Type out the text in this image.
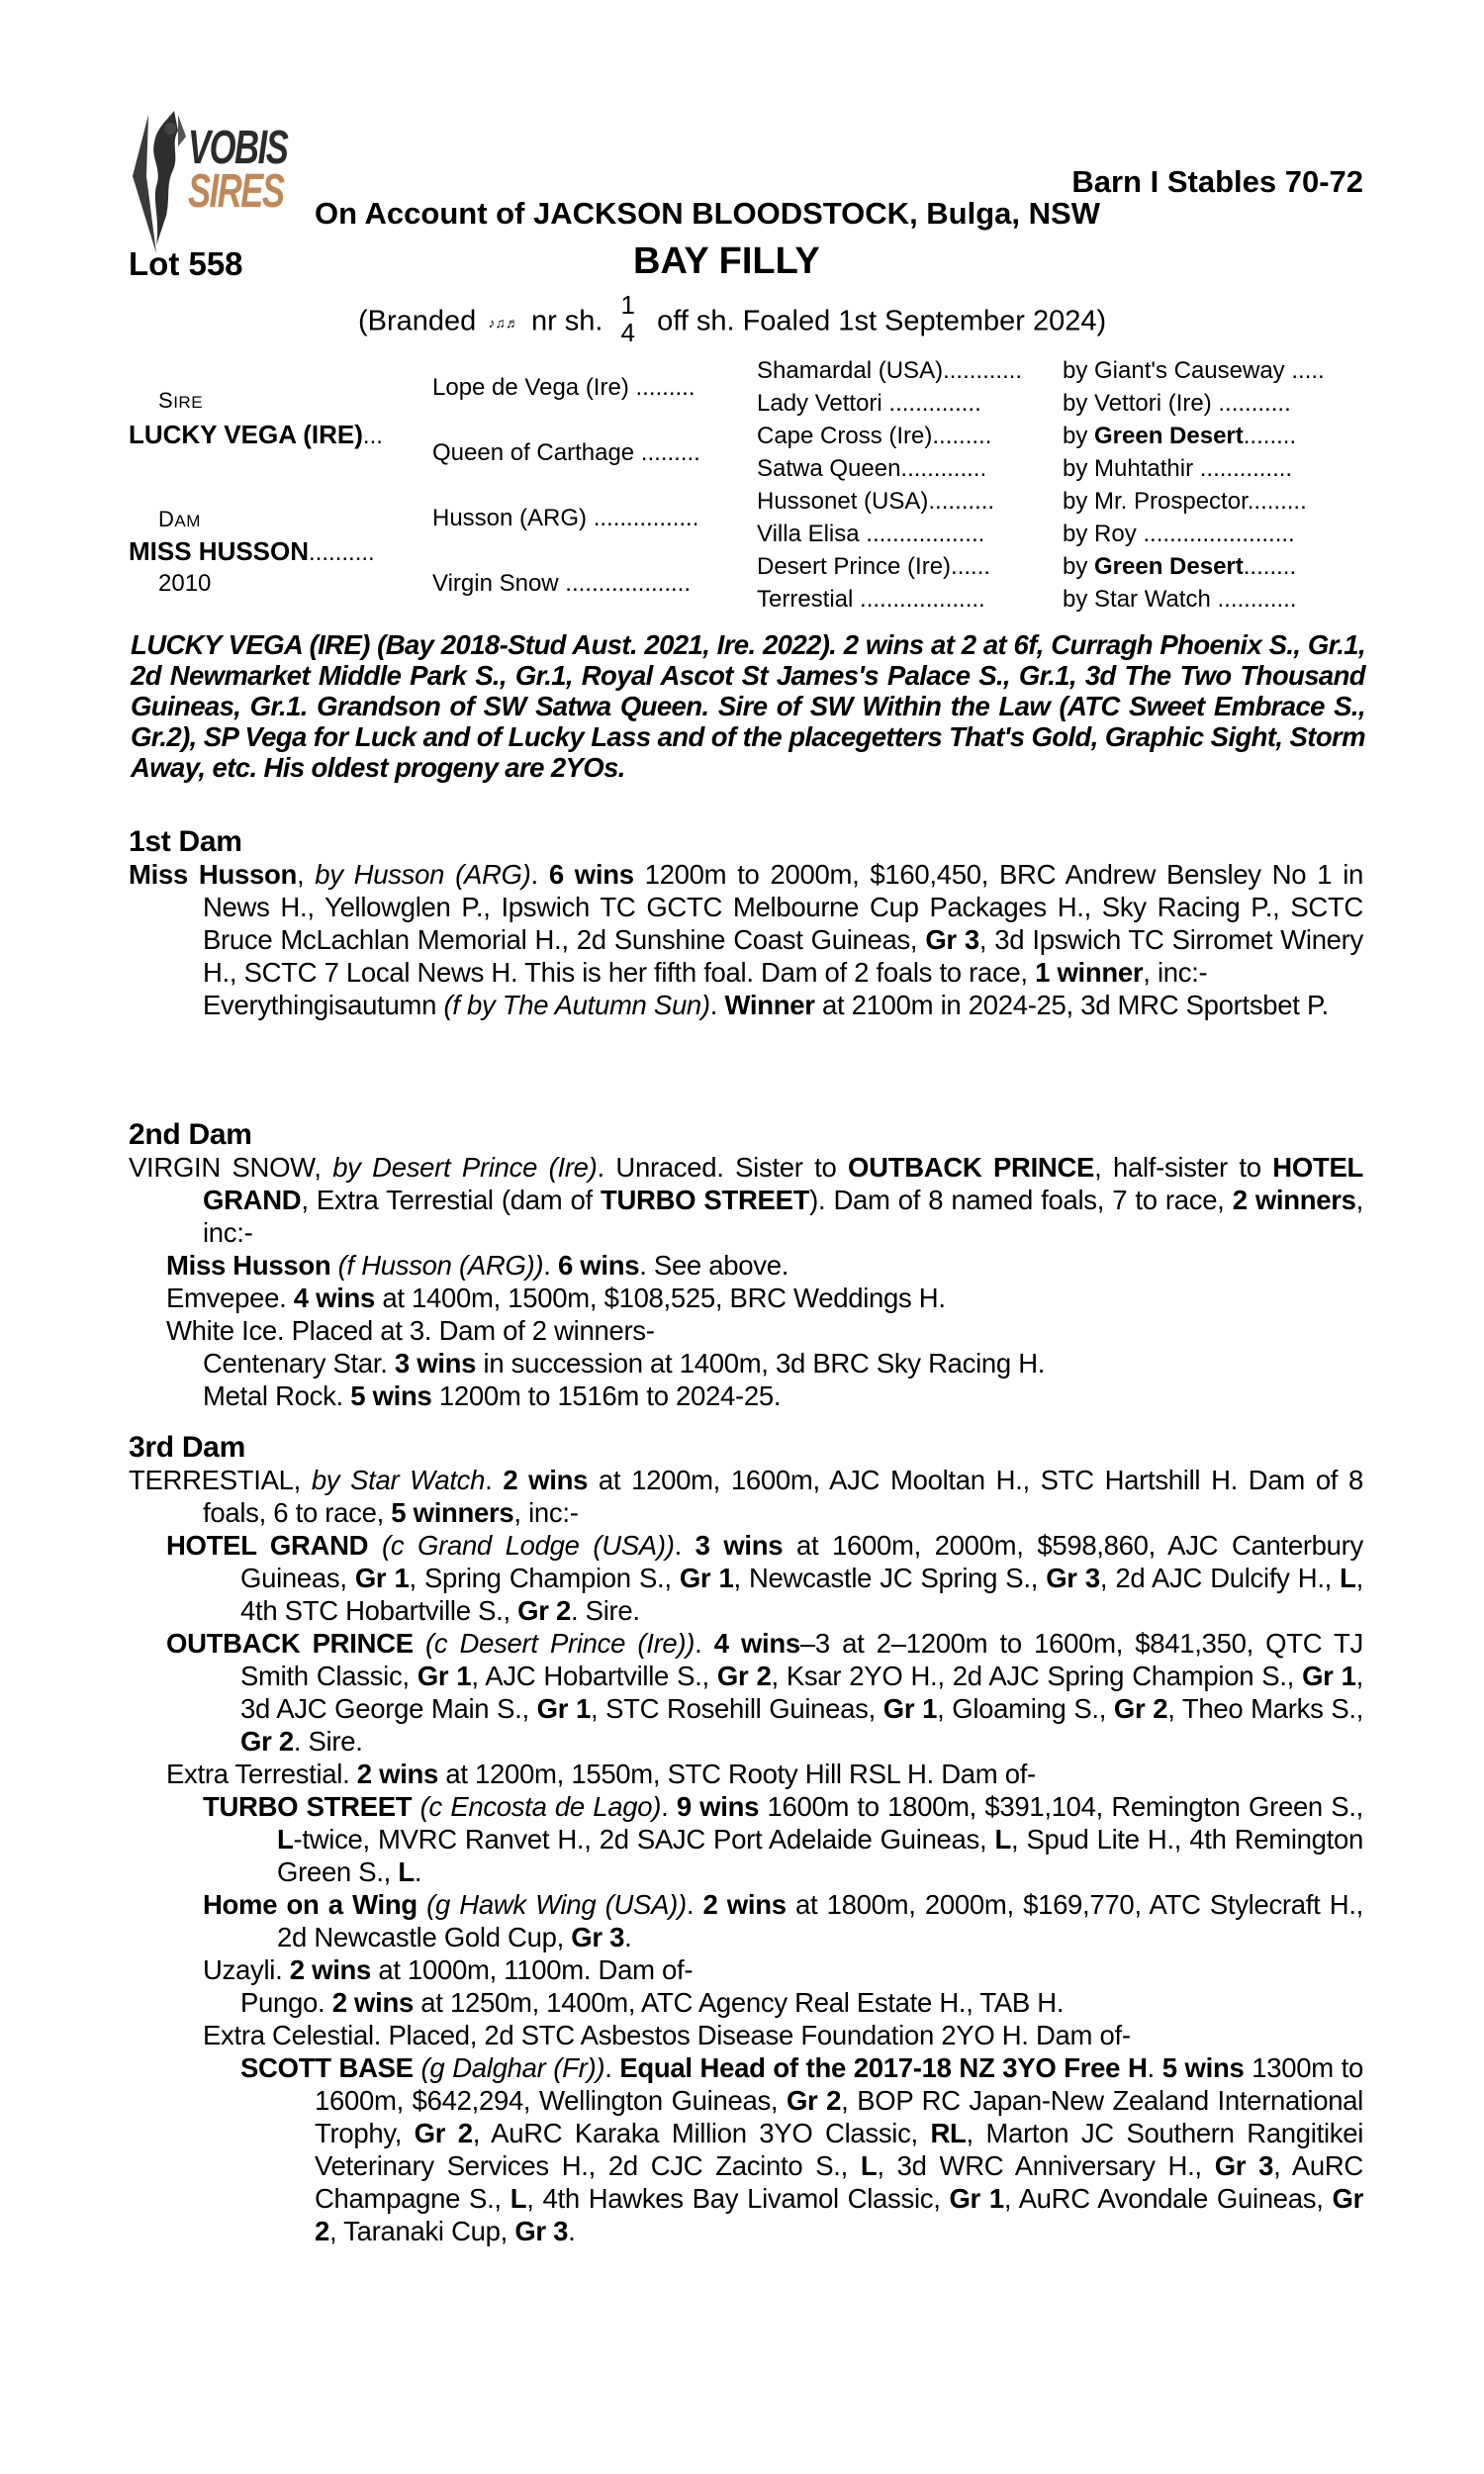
VOBIS
SIRES	Barn I Stables 70-72
On Account of JACKSON BLOODSTOCK, Bulga, NSW
Lot 558	BAY FILLY
(Branded ♪♫♬ nr sh.
1
4 off sh. Foaled 1st September 2024)
SIRE
LUCKY VEGA (IRE)...
DAM
MISS HUSSON..........
2010
Lope de Vega (Ire) .........
Queen of Carthage .........
Husson (ARG) ................
Virgin Snow ...................
Shamardal (USA)............
Lady Vettori ..............
Cape Cross (Ire).........
Satwa Queen.............
Hussonet (USA)..........
Villa Elisa ..................
Desert Prince (Ire)......
Terrestial ...................
by Giant's Causeway .....
by Vettori (Ire) ...........
by Green Desert........
by Muhtathir ..............
by Mr. Prospector.........
by Roy .......................
by Green Desert........
by Star Watch ............
LUCKY VEGA (IRE) (Bay 2018-Stud Aust. 2021, Ire. 2022). 2 wins at 2 at 6f, Curragh Phoenix S., Gr.1, 2d Newmarket Middle Park S., Gr.1, Royal Ascot St James's Palace S., Gr.1, 3d The Two Thousand Guineas, Gr.1. Grandson of SW Satwa Queen. Sire of SW Within the Law (ATC Sweet Embrace S., Gr.2), SP Vega for Luck and of Lucky Lass and of the placegetters That's Gold, Graphic Sight, Storm Away, etc. His oldest progeny are 2YOs.
1st Dam

Miss Husson, by Husson (ARG). 6 wins 1200m to 2000m, $160,450, BRC Andrew Bensley No 1 in News H., Yellowglen P., Ipswich TC GCTC Melbourne Cup Packages H., Sky Racing P., SCTC Bruce McLachlan Memorial H., 2d Sunshine Coast Guineas, Gr 3, 3d Ipswich TC Sirromet Winery H., SCTC 7 Local News H. This is her fifth foal. Dam of 2 foals to race, 1 winner, inc:-

Everythingisautumn (f by The Autumn Sun). Winner at 2100m in 2024-25, 3d MRC Sportsbet P.

2nd Dam

VIRGIN SNOW, by Desert Prince (Ire). Unraced. Sister to OUTBACK PRINCE, half-sister to HOTEL GRAND, Extra Terrestial (dam of TURBO STREET). Dam of 8 named foals, 7 to race, 2 winners, inc:-

Miss Husson (f Husson (ARG)). 6 wins. See above.

Emvepee. 4 wins at 1400m, 1500m, $108,525, BRC Weddings H.

White Ice. Placed at 3. Dam of 2 winners-

Centenary Star. 3 wins in succession at 1400m, 3d BRC Sky Racing H.

Metal Rock. 5 wins 1200m to 1516m to 2024-25.

3rd Dam

TERRESTIAL, by Star Watch. 2 wins at 1200m, 1600m, AJC Mooltan H., STC Hartshill H. Dam of 8 foals, 6 to race, 5 winners, inc:-

HOTEL GRAND (c Grand Lodge (USA)). 3 wins at 1600m, 2000m, $598,860, AJC Canterbury Guineas, Gr 1, Spring Champion S., Gr 1, Newcastle JC Spring S., Gr 3, 2d AJC Dulcify H., L, 4th STC Hobartville S., Gr 2. Sire.

OUTBACK PRINCE (c Desert Prince (Ire)). 4 wins–3 at 2–1200m to 1600m, $841,350, QTC TJ Smith Classic, Gr 1, AJC Hobartville S., Gr 2, Ksar 2YO H., 2d AJC Spring Champion S., Gr 1, 3d AJC George Main S., Gr 1, STC Rosehill Guineas, Gr 1, Gloaming S., Gr 2, Theo Marks S., Gr 2. Sire.

Extra Terrestial. 2 wins at 1200m, 1550m, STC Rooty Hill RSL H. Dam of-

TURBO STREET (c Encosta de Lago). 9 wins 1600m to 1800m, $391,104, Remington Green S., L-twice, MVRC Ranvet H., 2d SAJC Port Adelaide Guineas, L, Spud Lite H., 4th Remington Green S., L.

Home on a Wing (g Hawk Wing (USA)). 2 wins at 1800m, 2000m, $169,770, ATC Stylecraft H., 2d Newcastle Gold Cup, Gr 3.

Uzayli. 2 wins at 1000m, 1100m. Dam of-

Pungo. 2 wins at 1250m, 1400m, ATC Agency Real Estate H., TAB H.

Extra Celestial. Placed, 2d STC Asbestos Disease Foundation 2YO H. Dam of-

SCOTT BASE (g Dalghar (Fr)). Equal Head of the 2017-18 NZ 3YO Free H. 5 wins 1300m to 1600m, $642,294, Wellington Guineas, Gr 2, BOP RC Japan-New Zealand International Trophy, Gr 2, AuRC Karaka Million 3YO Classic, RL, Marton JC Southern Rangitikei Veterinary Services H., 2d CJC Zacinto S., L, 3d WRC Anniversary H., Gr 3, AuRC Champagne S., L, 4th Hawkes Bay Livamol Classic, Gr 1, AuRC Avondale Guineas, Gr 2, Taranaki Cup, Gr 3.
